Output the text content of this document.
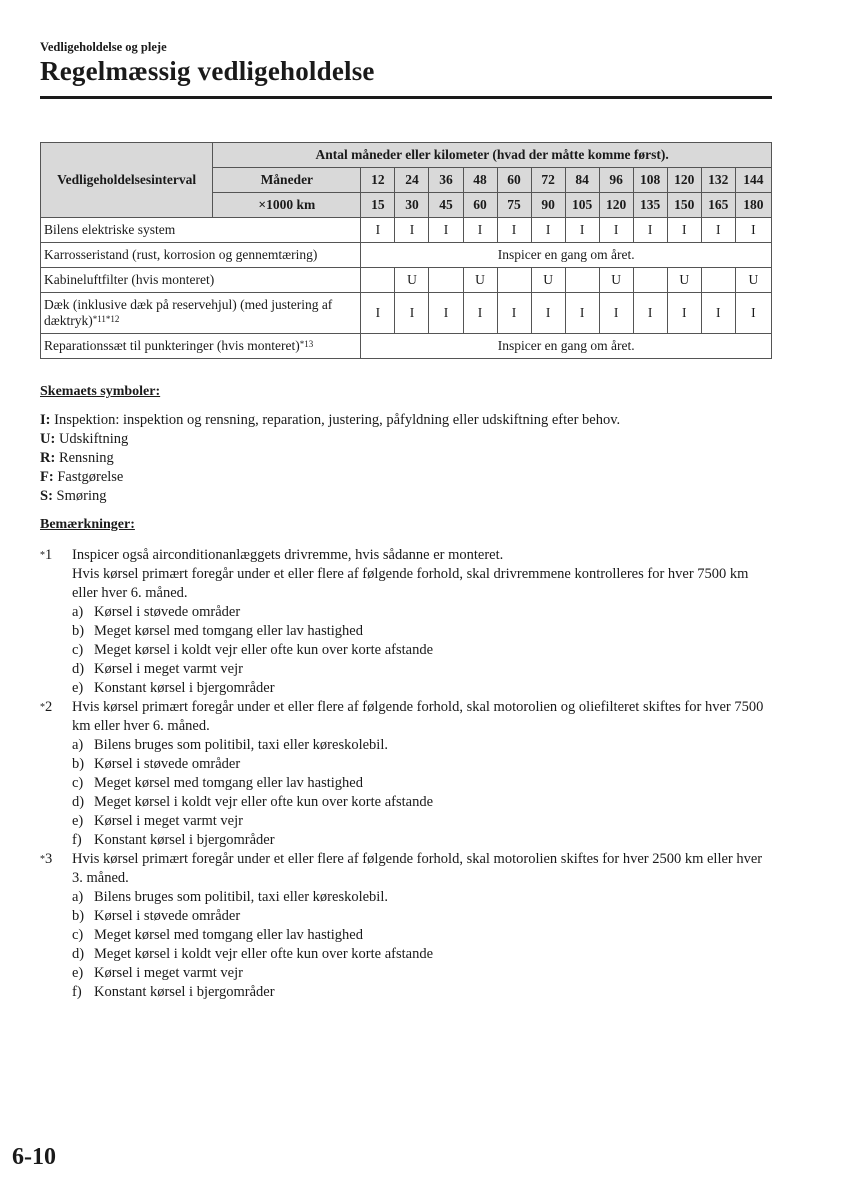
Vedligeholdelse og pleje
Regelmæssig vedligeholdelse
Vedligeholdelsesinterval	Antal måneder eller kilometer (hvad der måtte komme først).												
	Måneder	12	24	36	48	60	72	84	96	108	120	132	144
	×1000 km	15	30	45	60	75	90	105	120	135	150	165	180
Bilens elektriske system		I	I	I	I	I	I	I	I	I	I	I	I
Karrosseristand (rust, korrosion og gennemtæring)		Inspicer en gang om året.											
Kabineluftfilter (hvis monteret)			U		U		U		U		U		U
Dæk (inklusive dæk på reservehjul) (med justering af dæktryk)$^{*11*12}$		I	I	I	I	I	I	I	I	I	I	I	I
Reparationssæt til punkteringer (hvis monteret)$^{*13}$		Inspicer en gang om året.											
Skemaets symboler:
I: Inspektion: inspektion og rensning, reparation, justering, påfyldning eller udskiftning efter behov.
U: Udskiftning
R: Rensning
F: Fastgørelse
S: Smøring
Bemærkninger:
*1 Inspicer også airconditionanlæggets drivremme, hvis sådanne er monteret.
Hvis kørsel primært foregår under et eller flere af følgende forhold, skal drivremmene kontrolleres for hver 7500 km eller hver 6. måned.
a) Kørsel i støvede områder
b) Meget kørsel med tomgang eller lav hastighed
c) Meget kørsel i koldt vejr eller ofte kun over korte afstande
d) Kørsel i meget varmt vejr
e) Konstant kørsel i bjergområder
*2 Hvis kørsel primært foregår under et eller flere af følgende forhold, skal motorolien og oliefilteret skiftes for hver 7500 km eller hver 6. måned.
a) Bilens bruges som politibil, taxi eller køreskolebil.
b) Kørsel i støvede områder
c) Meget kørsel med tomgang eller lav hastighed
d) Meget kørsel i koldt vejr eller ofte kun over korte afstande
e) Kørsel i meget varmt vejr
f) Konstant kørsel i bjergområder
*3 Hvis kørsel primært foregår under et eller flere af følgende forhold, skal motorolien skiftes for hver 2500 km eller hver 3. måned.
a) Bilens bruges som politibil, taxi eller køreskolebil.
b) Kørsel i støvede områder
c) Meget kørsel med tomgang eller lav hastighed
d) Meget kørsel i koldt vejr eller ofte kun over korte afstande
e) Kørsel i meget varmt vejr
f) Konstant kørsel i bjergområder
6-10
